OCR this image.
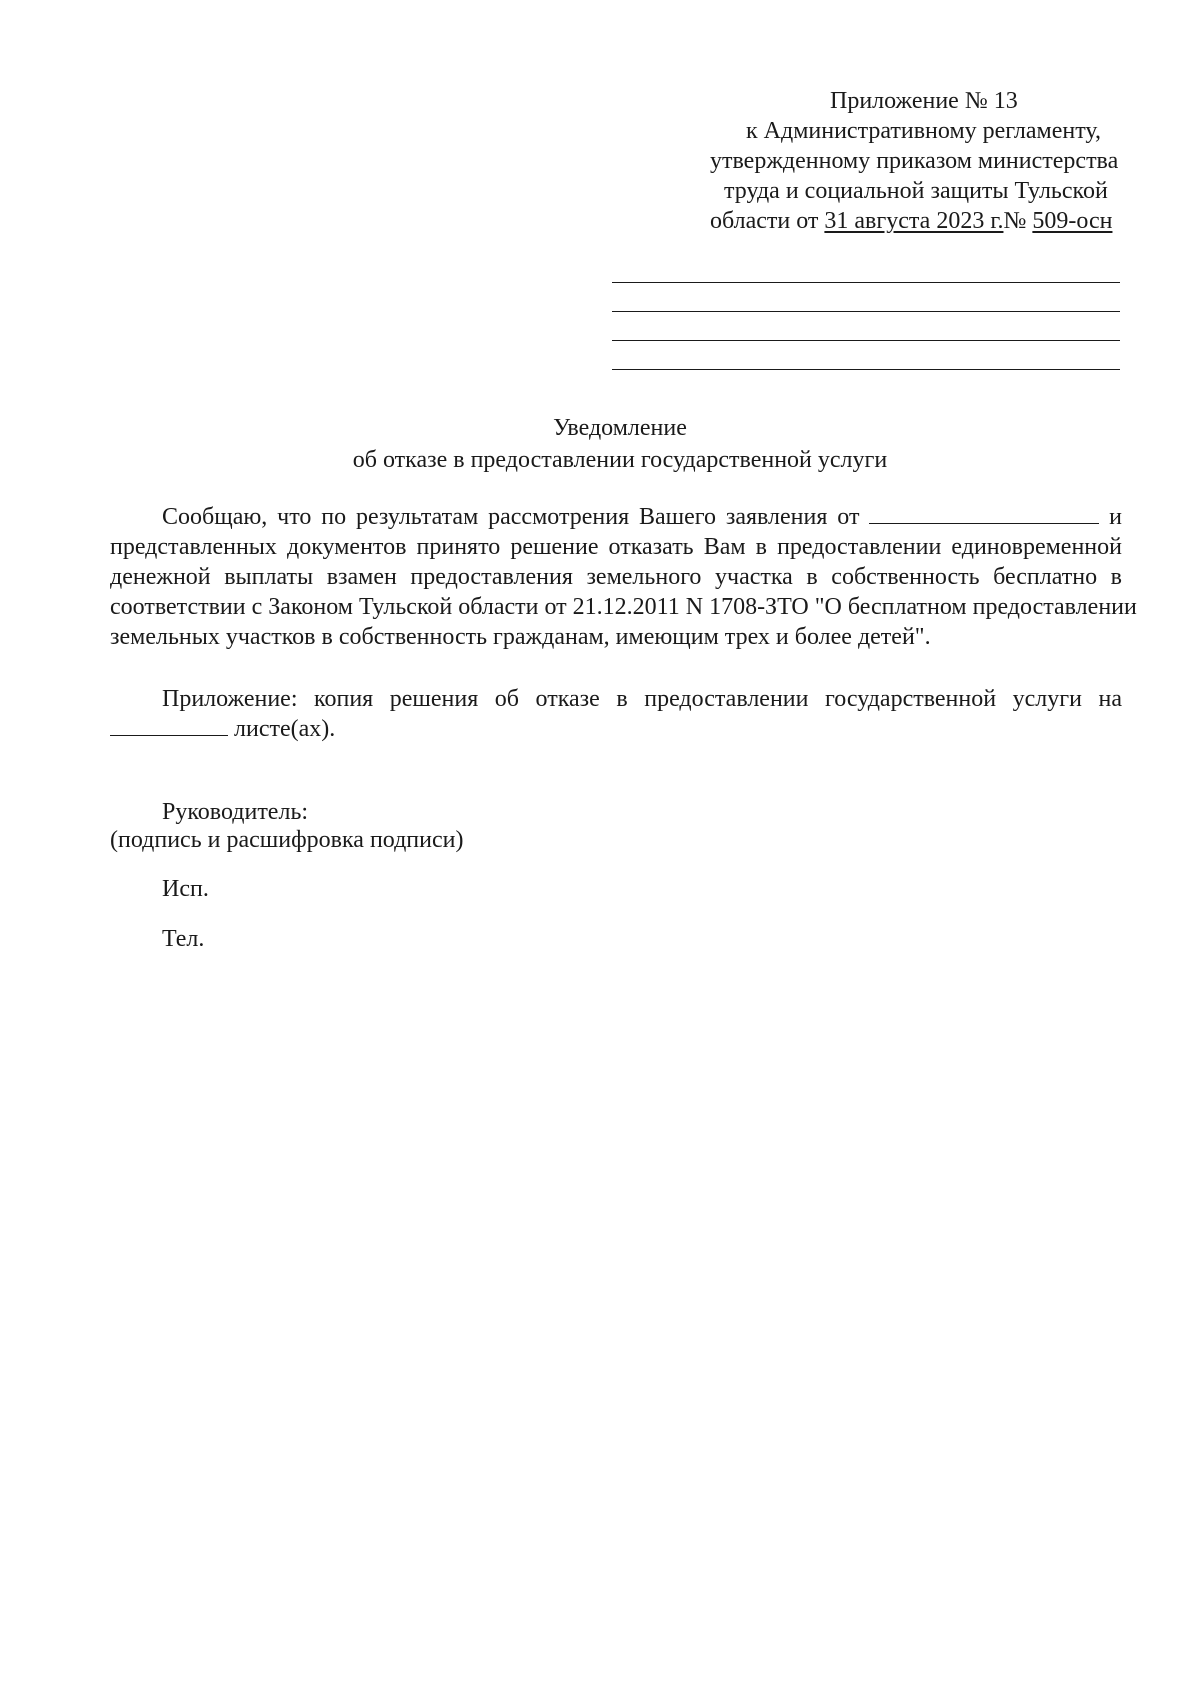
Приложение № 13
к Административному регламенту,
утвержденному приказом министерства
труда и социальной защиты Тульской
области от 31 августа 2023 г.№ 509-осн
Уведомление
об отказе в предоставлении государственной услуги
Сообщаю, что по результатам рассмотрения Вашего заявления от	и
представленных документов принято решение отказать Вам в предоставлении единовременной
денежной выплаты взамен предоставления земельного участка в собственность бесплатно в
соответствии с Законом Тульской области от 21.12.2011 N 1708-ЗТО "О бесплатном предоставлении
земельных участков в собственность гражданам, имеющим трех и более детей".
Приложение: копия решения об отказе в предоставлении государственной услуги на
листе(ах).
Руководитель:
(подпись и расшифровка подписи)
Исп.
Тел.
